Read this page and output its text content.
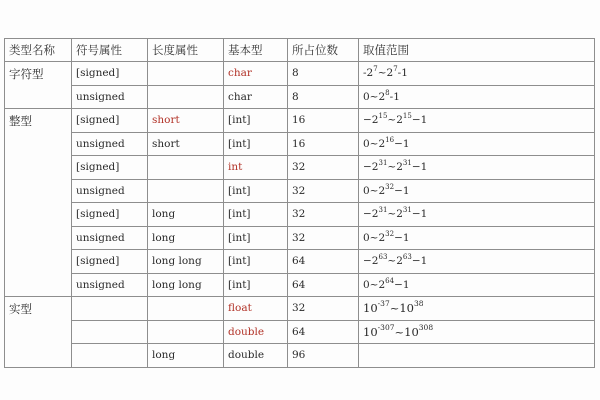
类型名称	符号属性	长度属性	基本型	所占位数	取值范围
字符型	[signed]		char	8	$-2^7\sim 2^7-1$
	unsigned		char	8	$0\sim 2^8-1$
整型	[signed]	short	[int]	16	$-2^{15}\sim 2^{15}-1$
	unsigned	short	[int]	16	$0\sim 2^{16}-1$
	[signed]		int	32	$-2^{31}\sim 2^{31}-1$
	unsigned		[int]	32	$0\sim 2^{32}-1$
	[signed]	long	[int]	32	$-2^{31}\sim 2^{31}-1$
	unsigned	long	[int]	32	$0\sim 2^{32}-1$
	[signed]	long long	[int]	64	$-2^{63}\sim 2^{63}-1$
	unsigned	long long	[int]	64	$0\sim 2^{64}-1$
实型			float	32	$10^{-37}\sim 10^{38}$
			double	64	$10^{-307}\sim 10^{308}$
		long	double	96	
